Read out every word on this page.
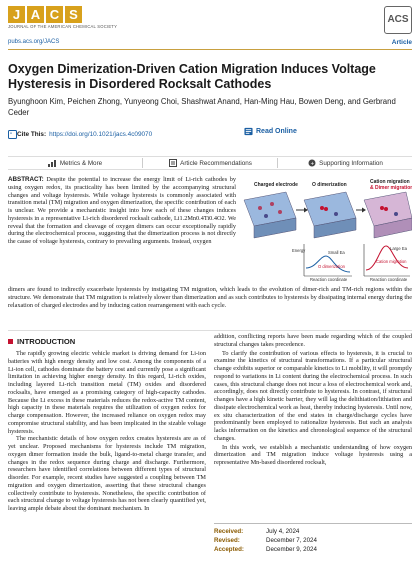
J A C S
JOURNAL OF THE AMERICAN CHEMICAL SOCIETY
ACS
pubs.acs.org/JACS	Article
Oxygen Dimerization-Driven Cation Migration Induces Voltage Hysteresis in Disordered Rocksalt Cathodes
Byunghoon Kim, Peichen Zhong, Yunyeong Choi, Shashwat Anand, Han-Ming Hau, Bowen Deng, and Gerbrand Ceder
" Cite This: https://doi.org/10.1021/jacs.4c09070	Read Online
Metrics & More	Article Recommendations	+ Supporting Information

ABSTRACT: Despite the potential to increase the energy limit of Li-rich cathodes by using oxygen redox, its practicality has been limited by the accompanying structural changes and voltage hysteresis. While voltage hysteresis is commonly associated with transition metal (TM) migration and oxygen dimerization, the specific contribution of each is unclear. We provide a mechanistic insight into how each of these changes induces hysteresis in a representative Li-rich disordered rocksalt cathode, Li1.2Mn0.4Ti0.4O2. We reveal that the formation and cleavage of oxygen dimers can occur exceptionally rapidly during the electrochemical process, suggesting that the dimerization process is not directly the cause of voltage hysteresis, contrary to prevailing arguments. Instead, oxygen

Charged electrode	O dimerization	Cation migration
& Dimer migration
Energy	Small Ea
O dimerization
Reaction coordinate
Large Ea
Cation migration
Reaction coordinate

dimers are found to indirectly exacerbate hysteresis by instigating TM migration, which leads to the evolution of dimer-rich and TM-rich regions within the structure. We demonstrate that TM migration is relatively slower than dimerization and as such contributes to hysteresis by dissipating internal energy during the relaxation of charged electrodes and by inducing cation rearrangement with each cycle.

INTRODUCTION

The rapidly growing electric vehicle market is driving demand for Li-ion batteries with high energy density and low cost. Among the components of a Li-ion cell, cathodes dominate the battery cost and currently pose a significant limitation in achieving higher energy density. In this regard, Li-rich oxides, including layered Li-rich transition metal (TM) oxides and disordered rocksalts, have emerged as a promising category of high-capacity cathodes. Because the Li excess in these materials reduces the redox-active TM content, high capacity in these materials requires the utilization of oxygen redox for charge compensation. However, the increased reliance on oxygen redox may compromise structural stability, and has been implicated in the sizable voltage hysteresis.

The mechanistic details of how oxygen redox creates hysteresis are as of yet unclear. Proposed mechanisms for hysteresis include TM migration, oxygen dimer formation inside the bulk, ligand-to-metal charge transfer, and changes in the redox sequence during charge and discharge. Furthermore, researchers have identified correlations between different types of structural disorder. For example, recent studies have suggested a coupling between TM migration and oxygen dimerization, asserting that these structural changes collectively contribute to hysteresis. Nonetheless, the specific contribution of each structural change to voltage hysteresis has not been clearly quantified yet, leaving ample debate about the dominant mechanism. In

addition, conflicting reports have been made regarding which of the coupled structural changes takes precedence.

To clarify the contribution of various effects to hysteresis, it is crucial to examine the kinetics of structural transformations. If a particular structural change exhibits superior or comparable kinetics to Li mobility, it will promptly respond to variations in Li content during the electrochemical process. In such cases, this structural change does not incur a loss of electrochemical work and, accordingly, does not directly contribute to hysteresis. In contrast, if structural changes have a high kinetic barrier, they will lag the delithiation/lithiation and dissipate electrochemical work as heat, thereby inducing hysteresis. Until now, ex situ characterization of the end states in charge/discharge cycles have predominantly been employed to rationalize hysteresis. But such an analysis lacks information on the kinetics and chronological sequence of the structural changes.

In this work, we establish a mechanistic understanding of how oxygen dimerization and TM migration induce voltage hysteresis using a representative Mn-based disordered rocksalt,

Received:	July 4, 2024
Revised:	December 7, 2024
Accepted:	December 9, 2024
